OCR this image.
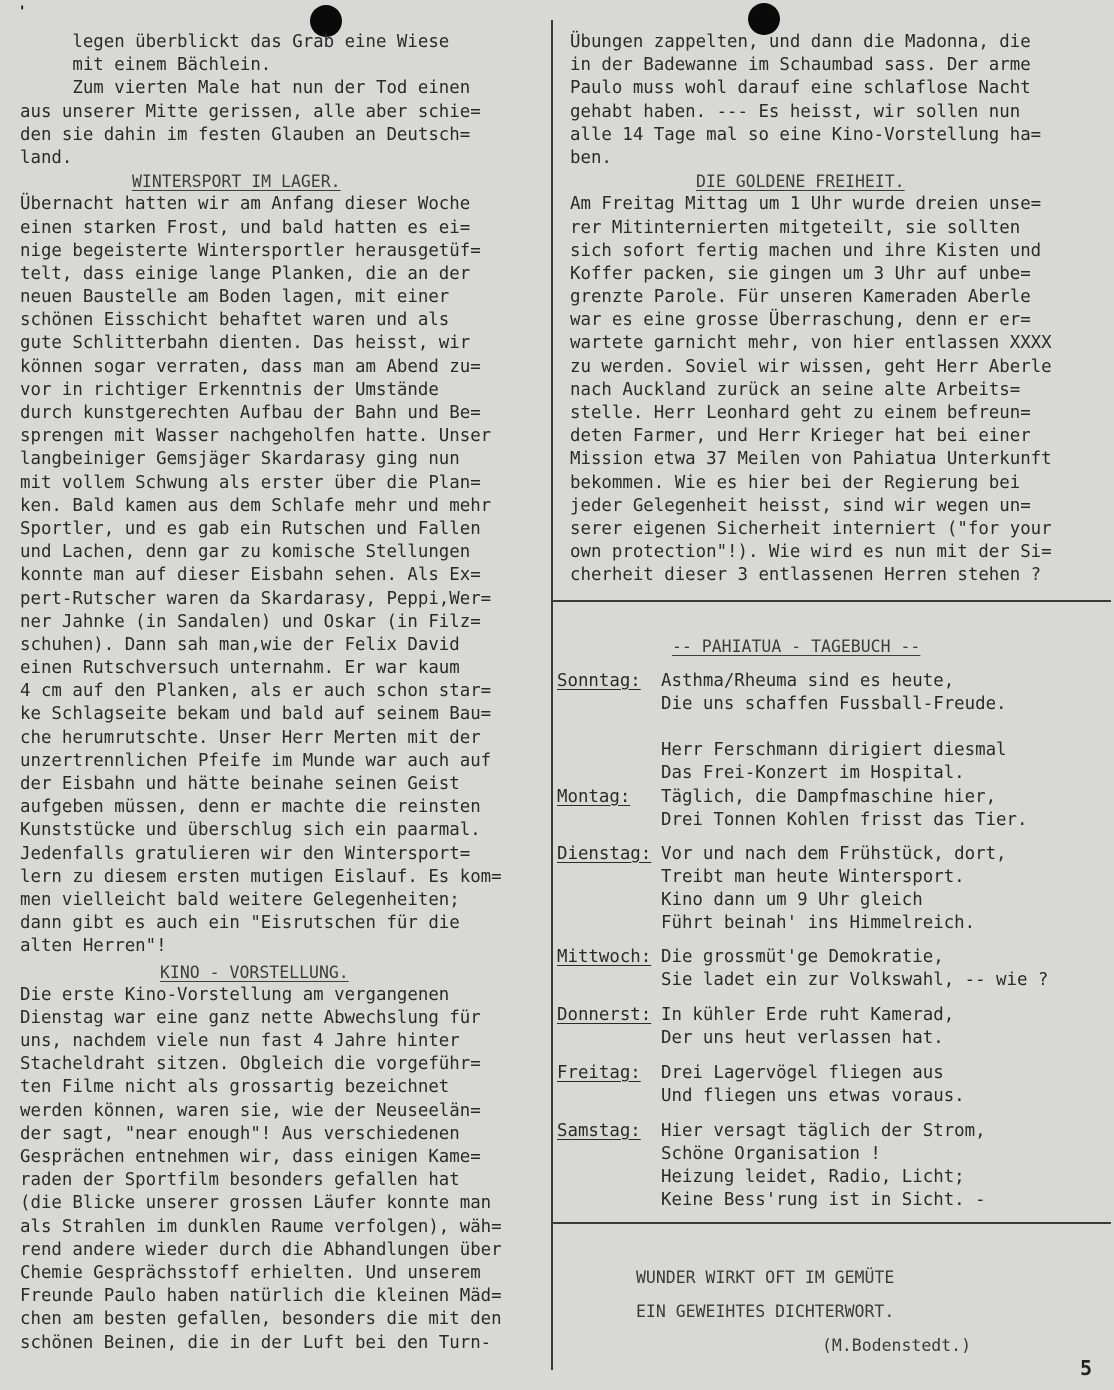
'
legen überblickt das Grab eine Wiese
mit einem Bächlein.
Zum vierten Male hat nun der Tod einen
aus unserer Mitte gerissen, alle aber schie=
den sie dahin im festen Glauben an Deutsch=
land.
WINTERSPORT IM LAGER.
Übernacht hatten wir am Anfang dieser Woche
einen starken Frost, und bald hatten es ei=
nige begeisterte Wintersportler herausgetüf=
telt, dass einige lange Planken, die an der
neuen Baustelle am Boden lagen, mit einer
schönen Eisschicht behaftet waren und als
gute Schlitterbahn dienten. Das heisst, wir
können sogar verraten, dass man am Abend zu=
vor in richtiger Erkenntnis der Umstände
durch kunstgerechten Aufbau der Bahn und Be=
sprengen mit Wasser nachgeholfen hatte. Unser
langbeiniger Gemsjäger Skardarasy ging nun
mit vollem Schwung als erster über die Plan=
ken. Bald kamen aus dem Schlafe mehr und mehr
Sportler, und es gab ein Rutschen und Fallen
und Lachen, denn gar zu komische Stellungen
konnte man auf dieser Eisbahn sehen. Als Ex=
pert-Rutscher waren da Skardarasy, Peppi,Wer=
ner Jahnke (in Sandalen) und Oskar (in Filz=
schuhen). Dann sah man,wie der Felix David
einen Rutschversuch unternahm. Er war kaum
4 cm auf den Planken, als er auch schon star=
ke Schlagseite bekam und bald auf seinem Bau=
che herumrutschte. Unser Herr Merten mit der
unzertrennlichen Pfeife im Munde war auch auf
der Eisbahn und hätte beinahe seinen Geist
aufgeben müssen, denn er machte die reinsten
Kunststücke und überschlug sich ein paarmal.
Jedenfalls gratulieren wir den Wintersport=
lern zu diesem ersten mutigen Eislauf. Es kom=
men vielleicht bald weitere Gelegenheiten;
dann gibt es auch ein "Eisrutschen für die
alten Herren"!
KINO - VORSTELLUNG.
Die erste Kino-Vorstellung am vergangenen
Dienstag war eine ganz nette Abwechslung für
uns, nachdem viele nun fast 4 Jahre hinter
Stacheldraht sitzen. Obgleich die vorgeführ=
ten Filme nicht als grossartig bezeichnet
werden können, waren sie, wie der Neuseelän=
der sagt, "near enough"! Aus verschiedenen
Gesprächen entnehmen wir, dass einigen Kame=
raden der Sportfilm besonders gefallen hat
(die Blicke unserer grossen Läufer konnte man
als Strahlen im dunklen Raume verfolgen), wäh=
rend andere wieder durch die Abhandlungen über
Chemie Gesprächsstoff erhielten. Und unserem
Freunde Paulo haben natürlich die kleinen Mäd=
chen am besten gefallen, besonders die mit den
schönen Beinen, die in der Luft bei den Turn-
Übungen zappelten, und dann die Madonna, die
in der Badewanne im Schaumbad sass. Der arme
Paulo muss wohl darauf eine schlaflose Nacht
gehabt haben. --- Es heisst, wir sollen nun
alle 14 Tage mal so eine Kino-Vorstellung ha=
ben.
DIE GOLDENE FREIHEIT.
Am Freitag Mittag um 1 Uhr wurde dreien unse=
rer Mitinternierten mitgeteilt, sie sollten
sich sofort fertig machen und ihre Kisten und
Koffer packen, sie gingen um 3 Uhr auf unbe=
grenzte Parole. Für unseren Kameraden Aberle
war es eine grosse Überraschung, denn er er=
wartete garnicht mehr, von hier entlassen XXXX
zu werden. Soviel wir wissen, geht Herr Aberle
nach Auckland zurück an seine alte Arbeits=
stelle. Herr Leonhard geht zu einem befreun=
deten Farmer, und Herr Krieger hat bei einer
Mission etwa 37 Meilen von Pahiatua Unterkunft
bekommen. Wie es hier bei der Regierung bei
jeder Gelegenheit heisst, sind wir wegen un=
serer eigenen Sicherheit interniert ("for your
own protection"!). Wie wird es nun mit der Si=
cherheit dieser 3 entlassenen Herren stehen ?
-- PAHIATUA - TAGEBUCH --
Sonntag: Asthma/Rheuma sind es heute,
Die uns schaffen Fussball-Freude.
Herr Ferschmann dirigiert diesmal
Das Frei-Konzert im Hospital.
Montag: Täglich, die Dampfmaschine hier,
Drei Tonnen Kohlen frisst das Tier.
Dienstag: Vor und nach dem Frühstück, dort,
Treibt man heute Wintersport.
Kino dann um 9 Uhr gleich
Führt beinah' ins Himmelreich.
Mittwoch: Die grossmüt'ge Demokratie,
Sie ladet ein zur Volkswahl, -- wie ?
Donnerst: In kühler Erde ruht Kamerad,
Der uns heut verlassen hat.
Freitag: Drei Lagervögel fliegen aus
Und fliegen uns etwas voraus.
Samstag: Hier versagt täglich der Strom,
Schöne Organisation !
Heizung leidet, Radio, Licht;
Keine Bess'rung ist in Sicht. -
WUNDER WIRKT OFT IM GEMÜTE
EIN GEWEIHTES DICHTERWORT.
(M.Bodenstedt.)
5
